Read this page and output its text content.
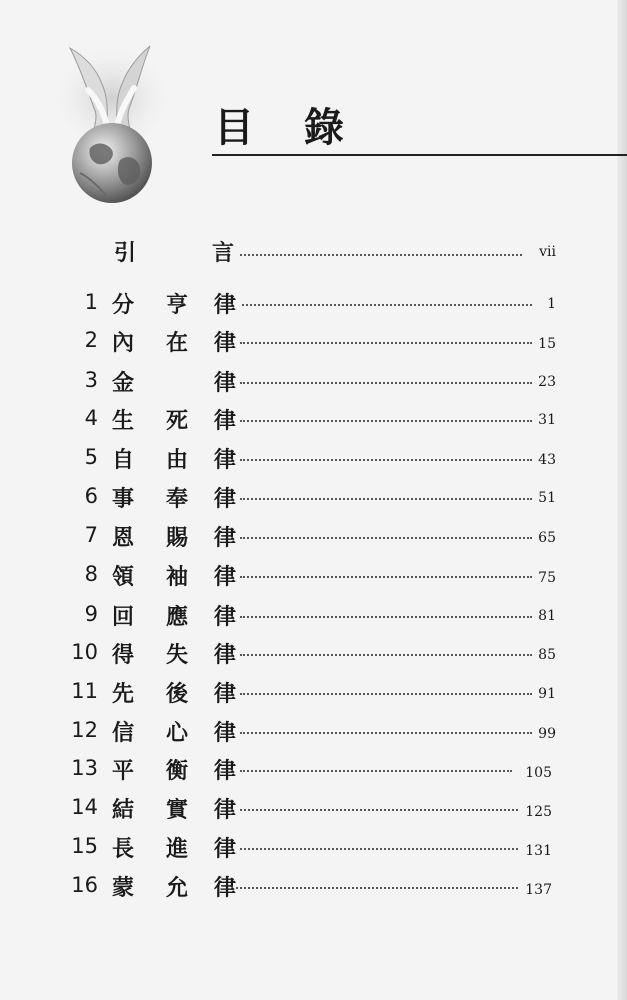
目 錄
引	言	vii
1 分 亨 律	1
2 內 在 律	15
3 金	律	23
4 生 死 律	31
5 自 由 律	43
6 事 奉 律	51
7 恩 賜 律	65
8 領 袖 律	75
9 回 應 律	81
10 得 失 律	85
11 先 後 律	91
12 信 心 律	99
13 平 衡 律	105
14 結 實 律	125
15 長 進 律	131
16 蒙 允 律	137
